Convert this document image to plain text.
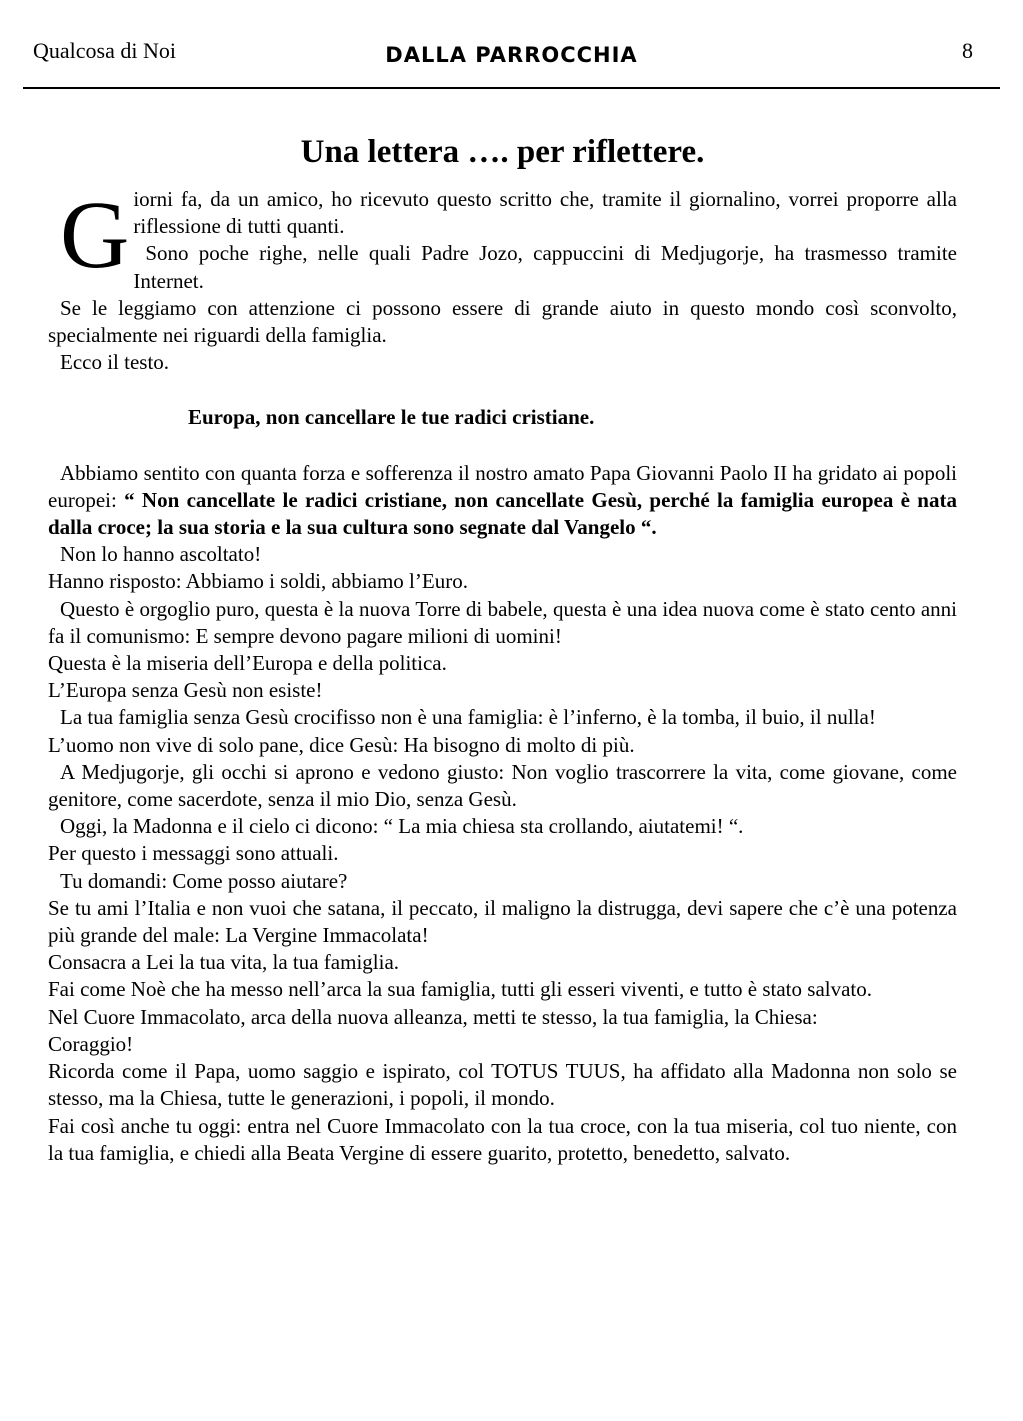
Qualcosa di Noi	DALLA PARROCCHIA	8
Una lettera …. per riflettere.

Giorni fa, da un amico, ho ricevuto questo scritto che, tramite il giornalino, vorrei proporre alla riflessione di tutti quanti.

Sono poche righe, nelle quali Padre Jozo, cappuccini di Medjugorje, ha trasmesso tramite Internet.

Se le leggiamo con attenzione ci possono essere di grande aiuto in questo mondo così sconvolto, specialmente nei riguardi della famiglia.

Ecco il testo.

Europa, non cancellare le tue radici cristiane.

Abbiamo sentito con quanta forza e sofferenza il nostro amato Papa Giovanni Paolo II ha gridato ai popoli europei: “ Non cancellate le radici cristiane, non cancellate Gesù, perché la famiglia europea è nata dalla croce; la sua storia e la sua cultura sono segnate dal Vangelo “.

Non lo hanno ascoltato!

Hanno risposto: Abbiamo i soldi, abbiamo l’Euro.

Questo è orgoglio puro, questa è la nuova Torre di babele, questa è una idea nuova come è stato cento anni fa il comunismo: E sempre devono pagare milioni di uomini!

Questa è la miseria dell’Europa e della politica.

L’Europa senza Gesù non esiste!

La tua famiglia senza Gesù crocifisso non è una famiglia: è l’inferno, è la tomba, il buio, il nulla!

L’uomo non vive di solo pane, dice Gesù: Ha bisogno di molto di più.

A Medjugorje, gli occhi si aprono e vedono giusto: Non voglio trascorrere la vita, come giovane, come genitore, come sacerdote, senza il mio Dio, senza Gesù.

Oggi, la Madonna e il cielo ci dicono: “ La mia chiesa sta crollando, aiutatemi! “.

Per questo i messaggi sono attuali.

Tu domandi: Come posso aiutare?

Se tu ami l’Italia e non vuoi che satana, il peccato, il maligno la distrugga, devi sapere che c’è una potenza più grande del male: La Vergine Immacolata!

Consacra a Lei la tua vita, la tua famiglia.

Fai come Noè che ha messo nell’arca la sua famiglia, tutti gli esseri viventi, e tutto è stato salvato.

Nel Cuore Immacolato, arca della nuova alleanza, metti te stesso, la tua famiglia, la Chiesa:

Coraggio!

Ricorda come il Papa, uomo saggio e ispirato, col TOTUS TUUS, ha affidato alla Madonna non solo se stesso, ma la Chiesa, tutte le generazioni, i popoli, il mondo.

Fai così anche tu oggi: entra nel Cuore Immacolato con la tua croce, con la tua miseria, col tuo niente, con la tua famiglia, e chiedi alla Beata Vergine di essere guarito, protetto, benedetto, salvato.
